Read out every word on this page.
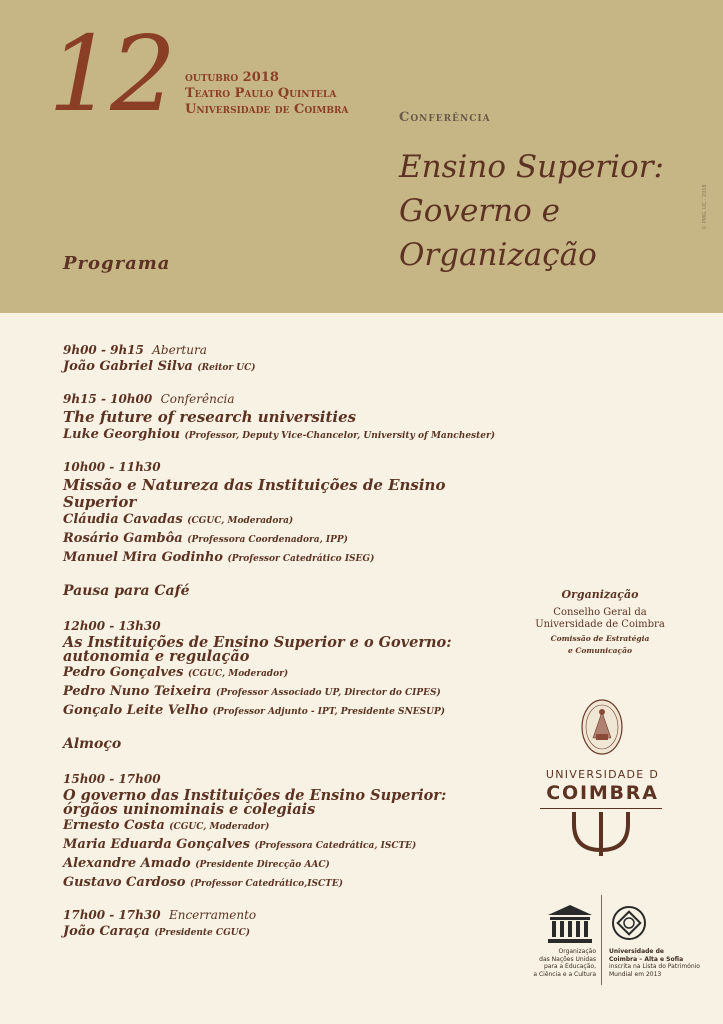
12 outubro 2018
Teatro Paulo Quintela
Universidade de Coimbra
Conferência
Ensino Superior:
Governo e
Organização
Programa
© PMG, UC · 2018
9h00 - 9h15 Abertura
João Gabriel Silva (Reitor UC)
9h15 - 10h00 Conferência
The future of research universities
Luke Georghiou (Professor, Deputy Vice-Chancelor, University of Manchester)
10h00 - 11h30
Missão e Natureza das Instituições de Ensino Superior
Cláudia Cavadas (CGUC, Moderadora)
Rosário Gambôa (Professora Coordenadora, IPP)
Manuel Mira Godinho (Professor Catedrático ISEG)
Pausa para Café
12h00 - 13h30
As Instituições de Ensino Superior e o Governo:
autonomia e regulação
Pedro Gonçalves (CGUC, Moderador)
Pedro Nuno Teixeira (Professor Associado UP, Director do CIPES)
Gonçalo Leite Velho (Professor Adjunto - IPT, Presidente SNESUP)
Almoço
15h00 - 17h00
O governo das Instituições de Ensino Superior:
órgãos uninominais e colegiais
Ernesto Costa (CGUC, Moderador)
Maria Eduarda Gonçalves (Professora Catedrática, ISCTE)
Alexandre Amado (Presidente Direcção AAC)
Gustavo Cardoso (Professor Catedrático,ISCTE)
17h00 - 17h30 Encerramento
João Caraça (Presidente CGUC)
Organização
Conselho Geral da
Universidade de Coimbra
Comissão de Estratégia
e Comunicação
UNIVERSIDADE D
COIMBRA
Organização
das Nações Unidas
para a Educação,
a Ciência e a Cultura
Universidade de
Coimbra – Alta e Sofia
inscrita na Lista do Património
Mundial em 2013
